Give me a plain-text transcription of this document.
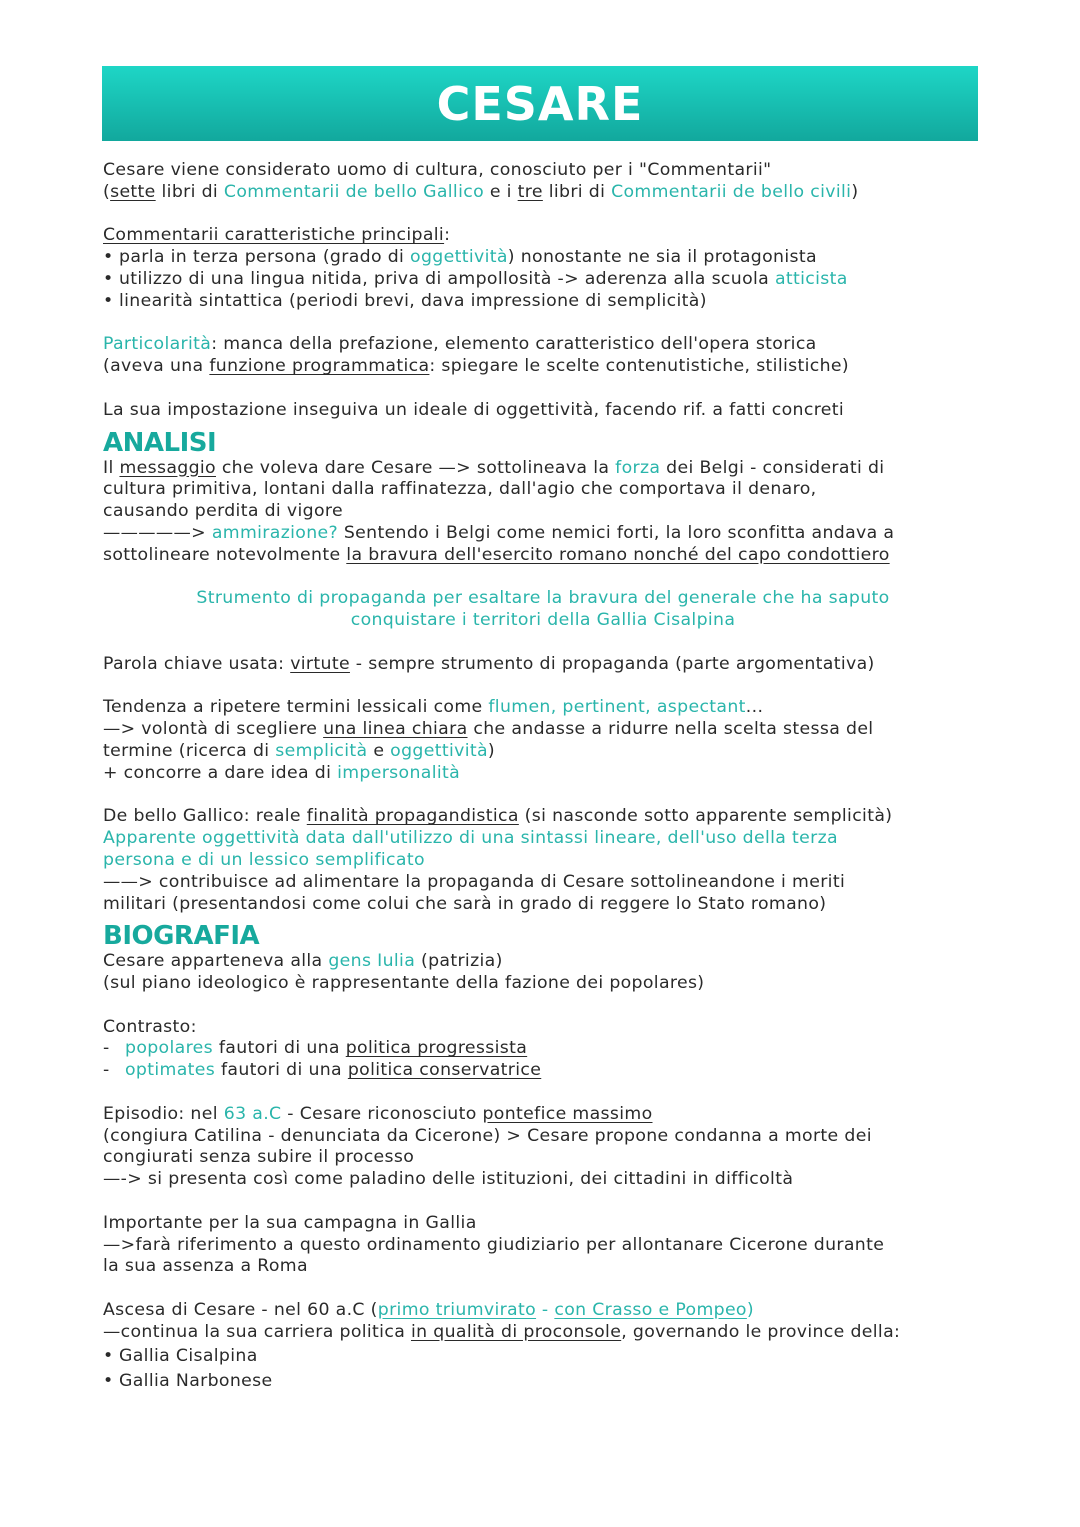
CESARE
Cesare viene considerato uomo di cultura, conosciuto per i "Commentarii"
(sette libri di Commentarii de bello Gallico e i tre libri di Commentarii de bello civili)
Commentarii caratteristiche principali:
• parla in terza persona (grado di oggettività) nonostante ne sia il protagonista
• utilizzo di una lingua nitida, priva di ampollosità -> aderenza alla scuola atticista
• linearità sintattica (periodi brevi, dava impressione di semplicità)
Particolarità: manca della prefazione, elemento caratteristico dell'opera storica
(aveva una funzione programmatica: spiegare le scelte contenutistiche, stilistiche)
La sua impostazione inseguiva un ideale di oggettività, facendo rif. a fatti concreti
ANALISI
Il messaggio che voleva dare Cesare —> sottolineava la forza dei Belgi - considerati di
cultura primitiva, lontani dalla raffinatezza, dall'agio che comportava il denaro,
causando perdita di vigore
—————> ammirazione? Sentendo i Belgi come nemici forti, la loro sconfitta andava a
sottolineare notevolmente la bravura dell'esercito romano nonché del capo condottiero
Strumento di propaganda per esaltare la bravura del generale che ha saputo
conquistare i territori della Gallia Cisalpina
Parola chiave usata: virtute - sempre strumento di propaganda (parte argomentativa)
Tendenza a ripetere termini lessicali come flumen, pertinent, aspectant...
—> volontà di scegliere una linea chiara che andasse a ridurre nella scelta stessa del
termine (ricerca di semplicità e oggettività)
+ concorre a dare idea di impersonalità
De bello Gallico: reale finalità propagandistica (si nasconde sotto apparente semplicità)
Apparente oggettività data dall'utilizzo di una sintassi lineare, dell'uso della terza
persona e di un lessico semplificato
——> contribuisce ad alimentare la propaganda di Cesare sottolineandone i meriti
militari (presentandosi come colui che sarà in grado di reggere lo Stato romano)
BIOGRAFIA
Cesare apparteneva alla gens Iulia (patrizia)
(sul piano ideologico è rappresentante della fazione dei popolares)
Contrasto:
- popolares fautori di una politica progressista
- optimates fautori di una politica conservatrice
Episodio: nel 63 a.C - Cesare riconosciuto pontefice massimo
(congiura Catilina - denunciata da Cicerone) > Cesare propone condanna a morte dei
congiurati senza subire il processo
—-> si presenta così come paladino delle istituzioni, dei cittadini in difficoltà
Importante per la sua campagna in Gallia
—>farà riferimento a questo ordinamento giudiziario per allontanare Cicerone durante
la sua assenza a Roma
Ascesa di Cesare - nel 60 a.C (primo triumvirato - con Crasso e Pompeo)
—continua la sua carriera politica in qualità di proconsole, governando le province della:
• Gallia Cisalpina
• Gallia Narbonese
